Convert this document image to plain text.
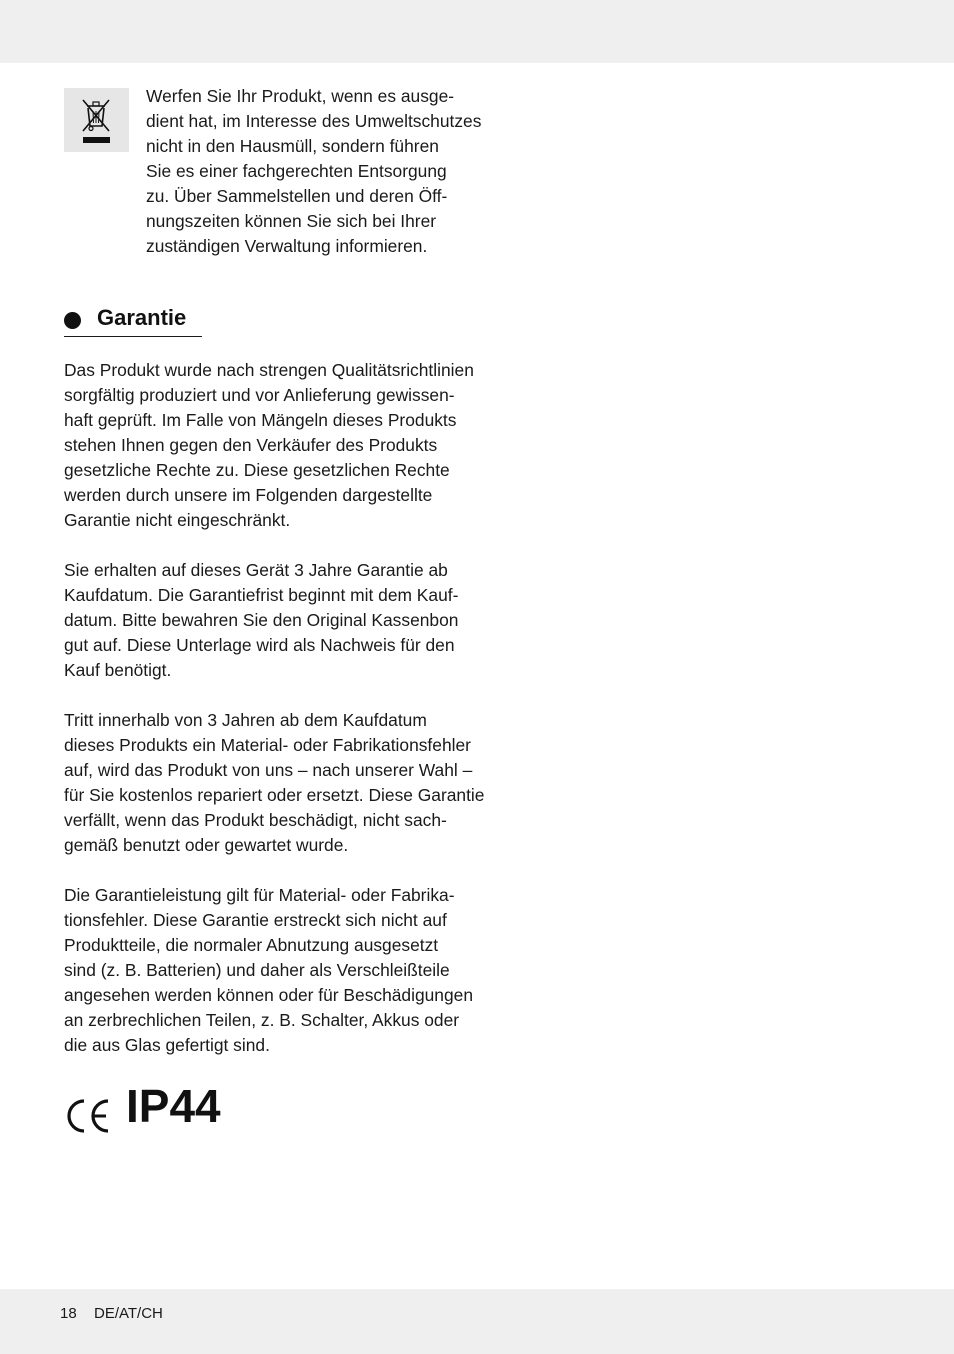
Werfen Sie Ihr Produkt, wenn es ausge-
dient hat, im Interesse des Umweltschutzes
nicht in den Hausmüll, sondern führen
Sie es einer fachgerechten Entsorgung
zu. Über Sammelstellen und deren Öff-
nungszeiten können Sie sich bei Ihrer
zuständigen Verwaltung informieren.
Garantie
Das Produkt wurde nach strengen Qualitätsrichtlinien
sorgfältig produziert und vor Anlieferung gewissen-
haft geprüft. Im Falle von Mängeln dieses Produkts
stehen Ihnen gegen den Verkäufer des Produkts
gesetzliche Rechte zu. Diese gesetzlichen Rechte
werden durch unsere im Folgenden dargestellte
Garantie nicht eingeschränkt.
Sie erhalten auf dieses Gerät 3 Jahre Garantie ab
Kaufdatum. Die Garantiefrist beginnt mit dem Kauf-
datum. Bitte bewahren Sie den Original Kassenbon
gut auf. Diese Unterlage wird als Nachweis für den
Kauf benötigt.
Tritt innerhalb von 3 Jahren ab dem Kaufdatum
dieses Produkts ein Material- oder Fabrikationsfehler
auf, wird das Produkt von uns – nach unserer Wahl –
für Sie kostenlos repariert oder ersetzt. Diese Garantie
verfällt, wenn das Produkt beschädigt, nicht sach-
gemäß benutzt oder gewartet wurde.
Die Garantieleistung gilt für Material- oder Fabrika-
tionsfehler. Diese Garantie erstreckt sich nicht auf
Produktteile, die normaler Abnutzung ausgesetzt
sind (z. B. Batterien) und daher als Verschleißteile
angesehen werden können oder für Beschädigungen
an zerbrechlichen Teilen, z. B. Schalter, Akkus oder
die aus Glas gefertigt sind.
IP44
18 DE/AT/CH
